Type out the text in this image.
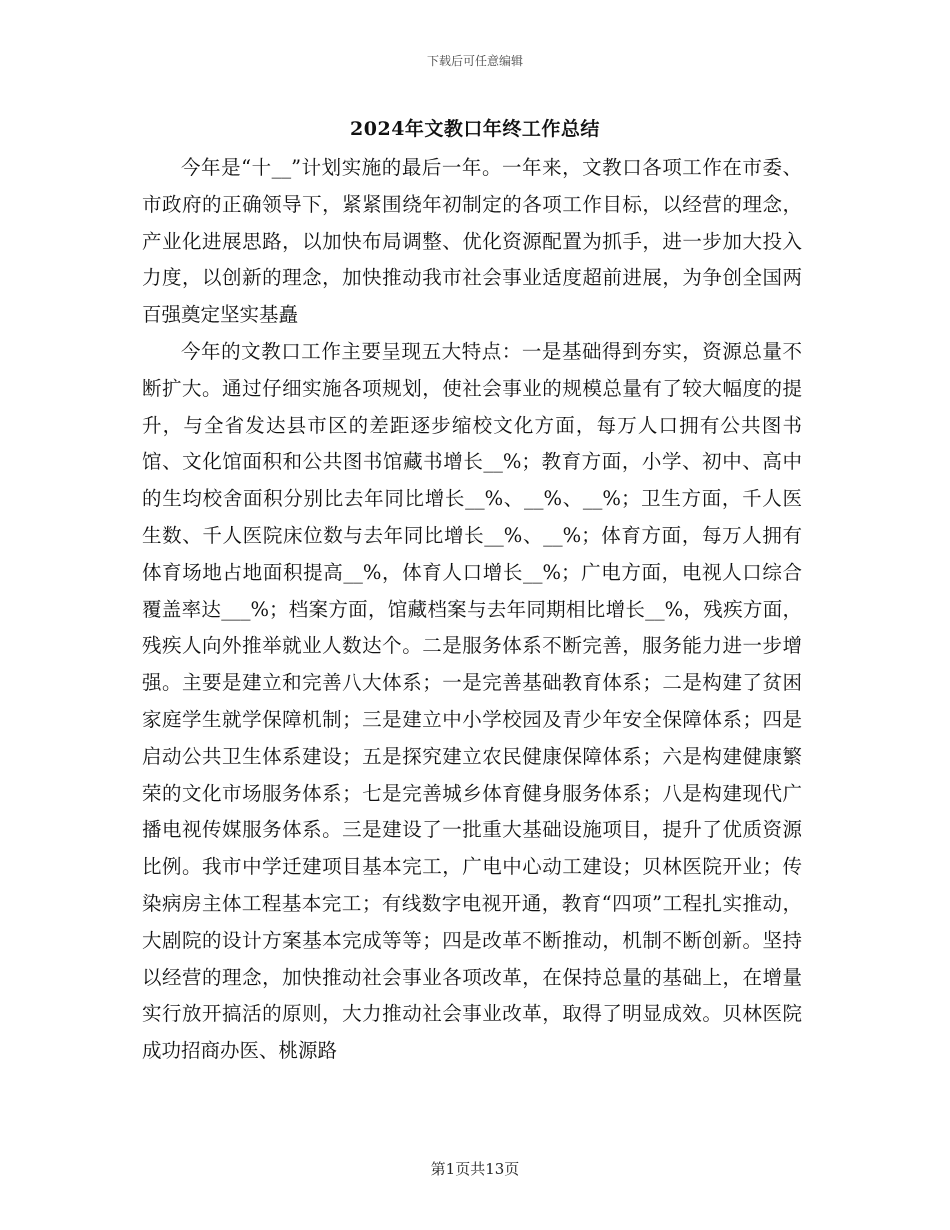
下载后可任意编辑
2024年文教口年终工作总结

今年是“十__”计划实施的最后一年。一年来，文教口各项工作在市委、市政府的正确领导下，紧紧围绕年初制定的各项工作目标，以经营的理念，产业化进展思路，以加快布局调整、优化资源配置为抓手，进一步加大投入力度，以创新的理念，加快推动我市社会事业适度超前进展，为争创全国两百强奠定坚实基矗

今年的文教口工作主要呈现五大特点：一是基础得到夯实，资源总量不断扩大。通过仔细实施各项规划，使社会事业的规模总量有了较大幅度的提升，与全省发达县市区的差距逐步缩校文化方面，每万人口拥有公共图书馆、文化馆面积和公共图书馆藏书增长__%；教育方面，小学、初中、高中的生均校舍面积分别比去年同比增长__%、__%、__%；卫生方面，千人医生数、千人医院床位数与去年同比增长__%、__%；体育方面，每万人拥有体育场地占地面积提高__%，体育人口增长__%；广电方面，电视人口综合覆盖率达___%；档案方面，馆藏档案与去年同期相比增长__%，残疾方面，残疾人向外推举就业人数达个。二是服务体系不断完善，服务能力进一步增强。主要是建立和完善八大体系；一是完善基础教育体系；二是构建了贫困家庭学生就学保障机制；三是建立中小学校园及青少年安全保障体系；四是启动公共卫生体系建设；五是探究建立农民健康保障体系；六是构建健康繁荣的文化市场服务体系；七是完善城乡体育健身服务体系；八是构建现代广播电视传媒服务体系。三是建设了一批重大基础设施项目，提升了优质资源比例。我市中学迁建项目基本完工，广电中心动工建设；贝林医院开业；传染病房主体工程基本完工；有线数字电视开通，教育“四项”工程扎实推动，大剧院的设计方案基本完成等等；四是改革不断推动，机制不断创新。坚持以经营的理念，加快推动社会事业各项改革，在保持总量的基础上，在增量实行放开搞活的原则，大力推动社会事业改革，取得了明显成效。贝林医院成功招商办医、桃源路

第1页共13页
